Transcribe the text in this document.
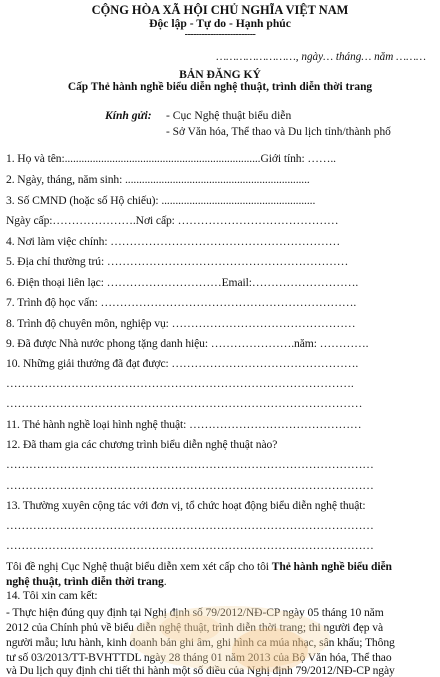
CỘNG HÒA XÃ HỘI CHỦ NGHĨA VIỆT NAM
Độc lập - Tự do - Hạnh phúc
-------------------------
……………………, ngày… tháng… năm ………
BẢN ĐĂNG KÝ
Cấp Thẻ hành nghề biểu diễn nghệ thuật, trình diễn thời trang
Kính gửi: - Cục Nghệ thuật biểu diễn
- Sở Văn hóa, Thể thao và Du lịch tỉnh/thành phố
1. Họ và tên:......................................................................Giới tính: ……..
2. Ngày, tháng, năm sinh: ..................................................................
3. Số CMND (hoặc số Hộ chiếu): .......................................................
Ngày cấp:………………….Nơi cấp: ……………………………………
4. Nơi làm việc chính: ……………………………………………………
5. Địa chỉ thường trú: ………………………………………………………
6. Điện thoại liên lạc: …………………………Email:……………………….
7. Trình độ học vấn: ………………………………………………………….
8. Trình độ chuyên môn, nghiệp vụ: …………………………………………
9. Đã được Nhà nước phong tặng danh hiệu: ………………….năm: ………….
10. Những giải thưởng đã đạt được: ………………………………………….
……………………………………………………………………………….
…………………………………………………………………………………
11. Thẻ hành nghề loại hình nghệ thuật: ………………………………………
12. Đã tham gia các chương trình biểu diễn nghệ thuật nào?
……………………………………………………………………………………
……………………………………………………………………………………
13. Thường xuyên cộng tác với đơn vị, tổ chức hoạt động biểu diễn nghệ thuật:
……………………………………………………………………………………
……………………………………………………………………………………
Tôi đề nghị Cục Nghệ thuật biểu diễn xem xét cấp cho tôi Thẻ hành nghề biểu diễn
nghệ thuật, trình diễn thời trang.
14. Tôi xin cam kết:
- Thực hiện đúng quy định tại Nghị định số 79/2012/NĐ-CP ngày 05 tháng 10 năm
2012 của Chính phủ về biểu diễn nghệ thuật, trình diễn thời trang; thi người đẹp và
người mẫu; lưu hành, kinh doanh bản ghi âm, ghi hình ca múa nhạc, sân khấu; Thông
tư số 03/2013/TT-BVHTTDL ngày 28 tháng 01 năm 2013 của Bộ Văn hóa, Thể thao
và Du lịch quy định chi tiết thi hành một số điều của Nghị định 79/2012/NĐ-CP ngày
